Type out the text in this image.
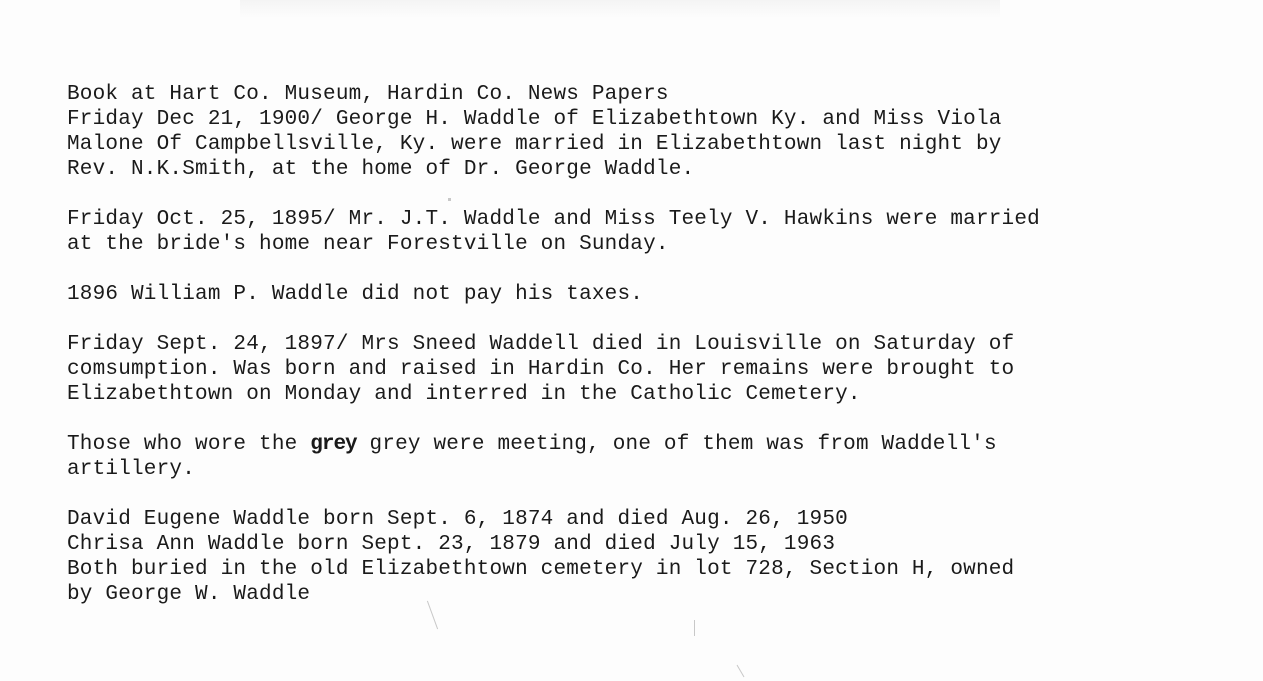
Book at Hart Co. Museum, Hardin Co. News Papers
Friday Dec 21, 1900/ George H. Waddle of Elizabethtown Ky. and Miss Viola
Malone Of Campbellsville, Ky. were married in Elizabethtown last night by
Rev. N.K.Smith, at the home of Dr. George Waddle.
Friday Oct. 25, 1895/ Mr. J.T. Waddle and Miss Teely V. Hawkins were married
at the bride's home near Forestville on Sunday.
1896 William P. Waddle did not pay his taxes.
Friday Sept. 24, 1897/ Mrs Sneed Waddell died in Louisville on Saturday of
comsumption. Was born and raised in Hardin Co. Her remains were brought to
Elizabethtown on Monday and interred in the Catholic Cemetery.
Those who wore the grey grey were meeting, one of them was from Waddell's
artillery.
David Eugene Waddle born Sept. 6, 1874 and died Aug. 26, 1950
Chrisa Ann Waddle born Sept. 23, 1879 and died July 15, 1963
Both buried in the old Elizabethtown cemetery in lot 728, Section H, owned
by George W. Waddle
